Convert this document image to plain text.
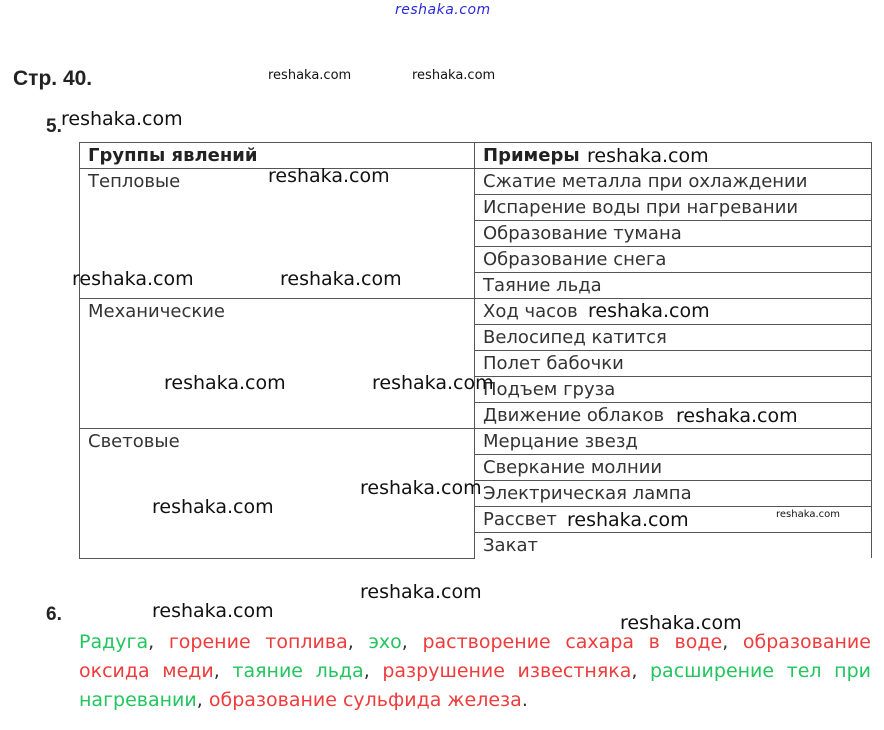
reshaka.com
Стр. 40.	reshaka.com	reshaka.com
5. reshaka.com
Группы явлений	Примеры
Тепловые	Сжатие металла при охлаждении
	Испарение воды при нагревании
	Образование тумана
	Образование снега
	Таяние льда
Механические	Ход часов
	Велосипед катится
	Полет бабочки
	Подъем груза
	Движение облаков
Световые	Мерцание звезд
	Сверкание молнии
	Электрическая лампа
	Рассвет
	Закат
reshaka.com
reshaka.com
reshaka.com	reshaka.com
reshaka.com
reshaka.com	reshaka.com
reshaka.com
reshaka.com
reshaka.com
reshaka.com	reshaka.com
reshaka.com
reshaka.com
reshaka.com
6.
Радуга, горение топлива, эхо, растворение сахара в воде, образование оксида меди, таяние льда, разрушение известняка, расширение тел при нагревании, образование сульфида железа.
